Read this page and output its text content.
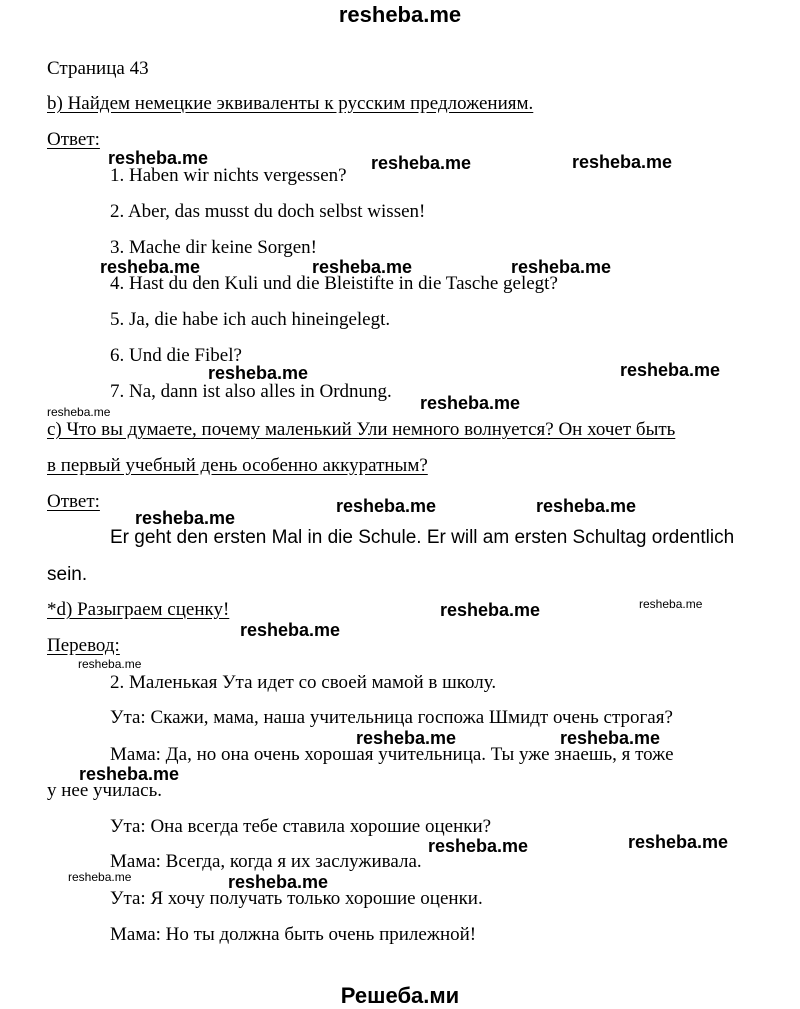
resheba.me
Страница 43
b) Найдем немецкие эквиваленты к русским предложениям.
Ответ:
1. Haben wir nichts vergessen?
2. Aber, das musst du doch selbst wissen!
3. Mache dir keine Sorgen!
4. Hast du den Kuli und die Bleistifte in die Tasche gelegt?
5. Ja, die habe ich auch hineingelegt.
6. Und die Fibel?
7. Na, dann ist also alles in Ordnung.
c) Что вы думаете, почему маленький Ули немного волнуется? Он хочет быть
в первый учебный день особенно аккуратным?
Ответ:
Er geht den ersten Mal in die Schule. Er will am ersten Schultag ordentlich
sein.
*d) Разыграем сценку!
Перевод:
2. Маленькая Ута идет со своей мамой в школу.
Ута: Скажи, мама, наша учительница госпожа Шмидт очень строгая?
Мама: Да, но она очень хорошая учительница. Ты уже знаешь, я тоже
у нее училась.
Ута: Она всегда тебе ставила хорошие оценки?
Мама: Всегда, когда я их заслуживала.
Ута: Я хочу получать только хорошие оценки.
Мама: Но ты должна быть очень прилежной!
resheba.me	resheba.me	resheba.me
resheba.me	resheba.me	resheba.me
resheba.me	resheba.me
resheba.me
resheba.me
resheba.me	resheba.me
resheba.me
resheba.me	resheba.me
resheba.me
resheba.me
resheba.me	resheba.me
resheba.me
resheba.me	resheba.me
resheba.me	resheba.me
Решеба.ми
